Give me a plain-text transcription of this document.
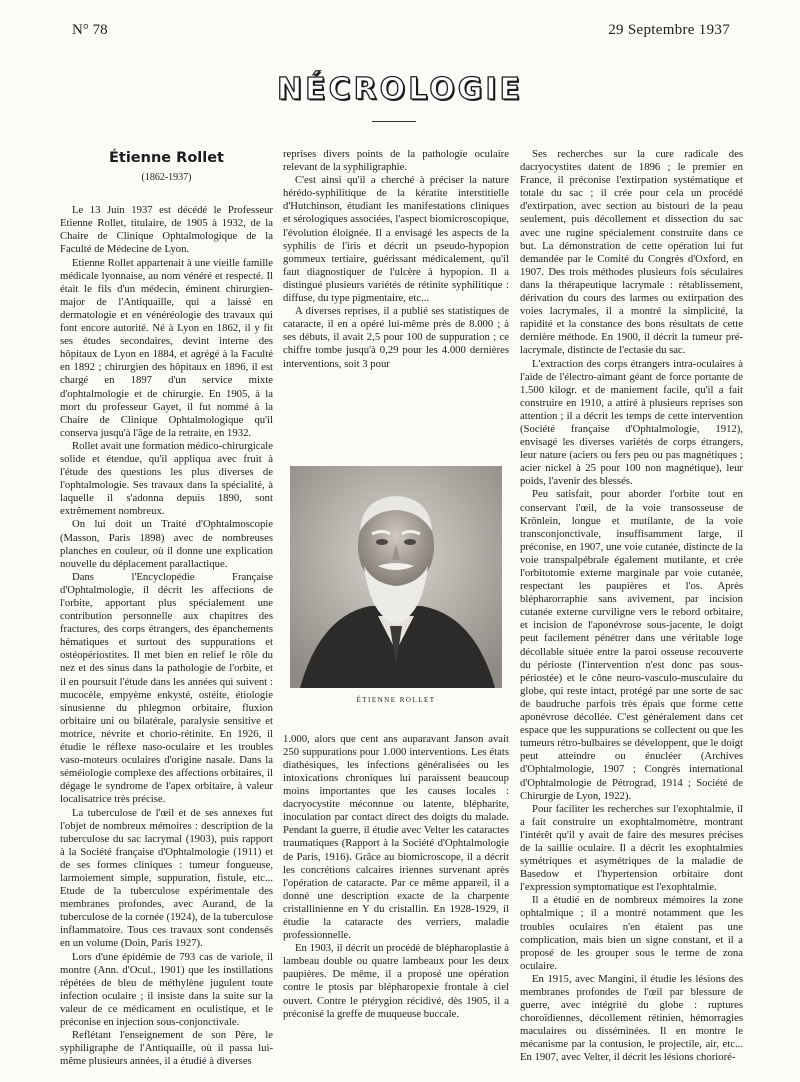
N° 78	29 Septembre 1937
NÉCROLOGIE

Étienne Rollet

(1862-1937)

Le 13 Juin 1937 est décédé le Professeur Etienne Rollet, titulaire, de 1905 à 1932, de la Chaire de Clinique Ophtalmologique de la Faculté de Médecine de Lyon.

Etienne Rollet appartenait à une vieille famille médicale lyonnaise, au nom vénéré et respecté. Il était le fils d'un médecin, éminent chirurgien-major de l'Antiquaille, qui a laissé en dermatologie et en vénéréologie des travaux qui font encore autorité. Né à Lyon en 1862, il y fit ses études secondaires, devint interne des hôpitaux de Lyon en 1884, et agrégé à la Faculté en 1892 ; chirurgien des hôpitaux en 1896, il est chargé en 1897 d'un service mixte d'ophtalmologie et de chirurgie. En 1905, à la mort du professeur Gayet, il fut nommé à la Chaire de Clinique Ophtalmologique qu'il conserva jusqu'à l'âge de la retraite, en 1932.

Rollet avait une formation médico-chirurgicale solide et étendue, qu'il appliqua avec fruit à l'étude des questions les plus diverses de l'ophtalmologie. Ses travaux dans la spécialité, à laquelle il s'adonna depuis 1890, sont extrêmement nombreux.

On lui doit un Traité d'Ophtalmoscopie (Masson, Paris 1898) avec de nombreuses planches en couleur, où il donne une explication nouvelle du déplacement parallactique.

Dans l'Encyclopédie Française d'Ophtalmologie, il décrit les affections de l'orbite, apportant plus spécialement une contribution personnelle aux chapitres des fractures, des corps étrangers, des épanchements hématiques et surtout des suppurations et ostéopériostites. Il met bien en relief le rôle du nez et des sinus dans la pathologie de l'orbite, et il en poursuit l'étude dans les années qui suivent : mucocèle, empyème enkysté, ostéite, étiologie sinusienne du phlegmon orbitaire, fluxion orbitaire uni ou bilatérale, paralysie sensitive et motrice, névrite et chorio-rétinite. En 1926, il étudie le réflexe naso-oculaire et les troubles vaso-moteurs oculaires d'origine nasale. Dans la séméiologie complexe des affections orbitaires, il dégage le syndrome de l'apex orbitaire, à valeur localisatrice très précise.

La tuberculose de l'œil et de ses annexes fut l'objet de nombreux mémoires : description de la tuberculose du sac lacrymal (1903), puis rapport à la Société française d'Ophtalmologie (1911) et de ses formes cliniques : tumeur fongueuse, larmoiement simple, suppuration, fistule, etc... Etude de la tuberculose expérimentale des membranes profondes, avec Aurand, de la tuberculose de la cornée (1924), de la tuberculose inflammatoire. Tous ces travaux sont condensés en un volume (Doin, Paris 1927).

Lors d'une épidémie de 793 cas de variole, il montre (Ann. d'Ocul., 1901) que les instillations répétées de bleu de méthylène jugulent toute infection oculaire ; il insiste dans la suite sur la valeur de ce médicament en oculistique, et le préconise en injection sous-conjonctivale.

Reflétant l'enseignement de son Père, le syphiligraphe de l'Antiquaille, où il passa lui-même plusieurs années, il a étudié à diverses

reprises divers points de la pathologie oculaire relevant de la syphiligraphie.

C'est ainsi qu'il a cherché à préciser la nature hérédo-syphilitique de la kératite interstitielle d'Hutchinson, étudiant les manifestations cliniques et sérologiques associées, l'aspect biomicroscopique, l'évolution éloignée. Il a envisagé les aspects de la syphilis de l'iris et décrit un pseudo-hypopion gommeux tertiaire, guérissant médicalement, qu'il faut diagnostiquer de l'ulcère à hypopion. Il a distingué plusieurs variétés de rétinite syphilitique : diffuse, du type pigmentaire, etc...

A diverses reprises, il a publié ses statistiques de cataracte, il en a opéré lui-même près de 8.000 ; à ses débuts, il avait 2,5 pour 100 de suppuration ; ce chiffre tombe jusqu'à 0,29 pour les 4.000 dernières interventions, soit 3 pour

ÉTIENNE ROLLET

1.000, alors que cent ans auparavant Janson avait 250 suppurations pour 1.000 interventions. Les états diathésiques, les infections généralisées ou les intoxications chroniques lui paraissent beaucoup moins importantes que les causes locales : dacryocystite méconnue ou latente, blépharite, inoculation par contact direct des doigts du malade. Pendant la guerre, il étudie avec Velter les cataractes traumatiques (Rapport à la Société d'Ophtalmologie de Paris, 1916). Grâce au biomicroscope, il a décrit les concrétions calcaires iriennes survenant après l'opération de cataracte. Par ce même appareil, il a donné une description exacte de la charpente cristallinienne en Y du cristallin. En 1928-1929, il étudie la cataracte des verriers, maladie professionnelle.

En 1903, il décrit un procédé de blépharoplastie à lambeau double ou quatre lambeaux pour les deux paupières. De même, il a proposé une opération contre le ptosis par blépharopexie frontale à ciel ouvert. Contre le ptérygion récidivé, dès 1905, il a préconisé la greffe de muqueuse buccale.

Ses recherches sur la cure radicale des dacryocystites datent de 1896 ; le premier en France, il préconise l'extirpation systématique et totale du sac ; il crée pour cela un procédé d'extirpation, avec section au bistouri de la peau seulement, puis décollement et dissection du sac avec une rugine spécialement construite dans ce but. La démonstration de cette opération lui fut demandée par le Comité du Congrès d'Oxford, en 1907. Des trois méthodes plusieurs fois séculaires dans la thérapeutique lacrymale : rétablissement, dérivation du cours des larmes ou extirpation des voies lacrymales, il a montré la simplicité, la rapidité et la constance des bons résultats de cette dernière méthode. En 1900, il décrit la tumeur pré-lacrymale, distincte de l'ectasie du sac.

L'extraction des corps étrangers intra-oculaires à l'aide de l'électro-aimant géant de force portante de 1.500 kilogr. et de maniement facile, qu'il a fait construire en 1910, a attiré à plusieurs reprises son attention ; il a décrit les temps de cette intervention (Société française d'Ophtalmologie, 1912), envisagé les diverses variétés de corps étrangers, leur nature (aciers ou fers peu ou pas magnétiques ; acier nickel à 25 pour 100 non magnétique), leur poids, l'avenir des blessés.

Peu satisfait, pour aborder l'orbite tout en conservant l'œil, de la voie transosseuse de Krönlein, longue et mutilante, de la voie transconjonctivale, insuffisamment large, il préconise, en 1907, une voie cutanée, distincte de la voie transpalpébrale également mutilante, et crée l'orbitotomie externe marginale par voie cutanée, respectant les paupières et l'os. Après blépharorraphie sans avivement, par incision cutanée externe curviligne vers le rebord orbitaire, et incision de l'aponévrose sous-jacente, le doigt peut facilement pénétrer dans une véritable loge décollable située entre la paroi osseuse recouverte du périoste (l'intervention n'est donc pas sous-périostée) et le cône neuro-vasculo-musculaire du globe, qui reste intact, protégé par une sorte de sac de baudruche parfois très épais que forme cette aponévrose décollée. C'est généralement dans cet espace que les suppurations se collectent ou que les tumeurs rétro-bulbaires se développent, que le doigt peut atteindre ou énucléer (Archives d'Ophtalmologie, 1907 ; Congrès international d'Ophtalmologie de Pétrograd, 1914 ; Société de Chirurgie de Lyon, 1922).

Pour faciliter les recherches sur l'exophtalmie, il a fait construire un exophtalmomètre, montrant l'intérêt qu'il y avait de faire des mesures précises de la saillie oculaire. Il a décrit les exophtalmies symétriques et asymétriques de la maladie de Basedow et l'hypertension orbitaire dont l'expression symptomatique est l'exophtalmie.

Il a étudié en de nombreux mémoires la zone ophtalmique ; il a montré notamment que les troubles oculaires n'en étaient pas une complication, mais bien un signe constant, et il a proposé de les grouper sous le terme de zona oculaire.

En 1915, avec Mangini, il étudie les lésions des membranes profondes de l'œil par blessure de guerre, avec intégrité du globe : ruptures choroïdiennes, décollement rétinien, hémorragies maculaires ou disséminées. Il en montre le mécanisme par la contusion, le projectile, air, etc... En 1907, avec Velter, il décrit les lésions chorioré-
